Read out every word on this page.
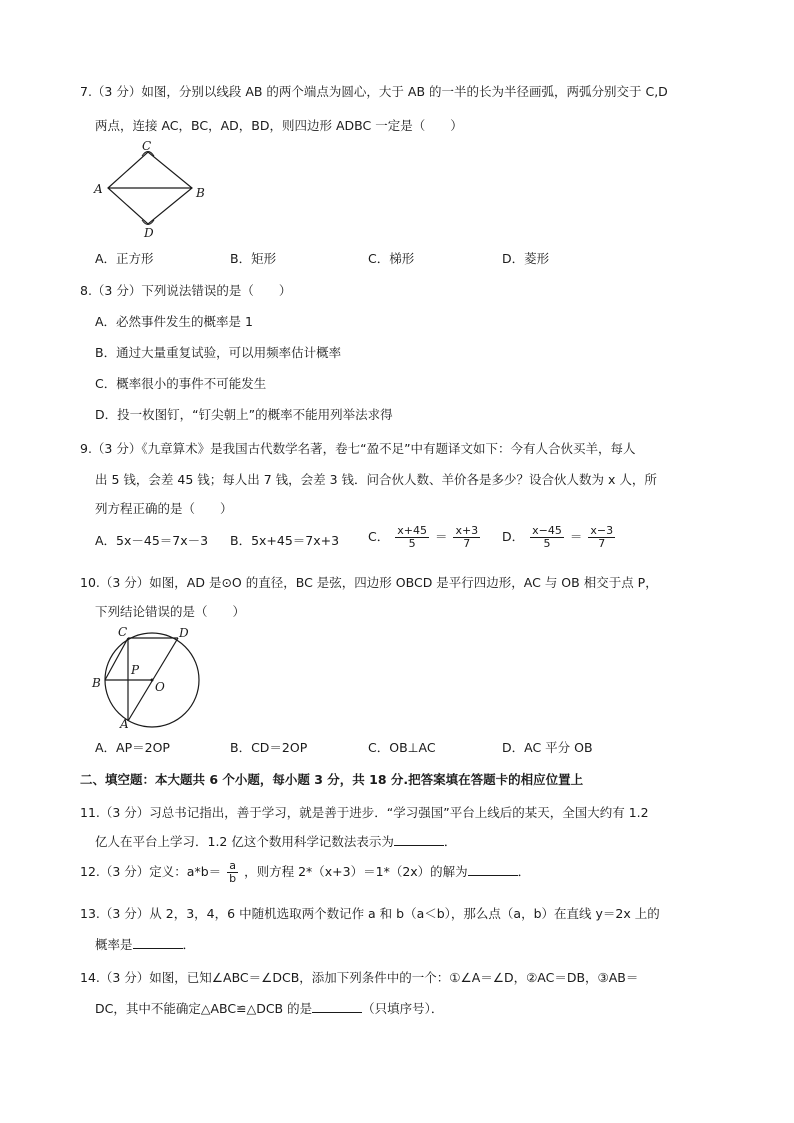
7.（3 分）如图，分别以线段 AB 的两个端点为圆心，大于 AB 的一半的长为半径画弧，两弧分别交于 C,D
两点，连接 AC，BC，AD，BD，则四边形 ADBC 一定是（　　）
C
A	B
D
A．正方形	B．矩形	C．梯形	D．菱形
8.（3 分）下列说法错误的是（　　）
A．必然事件发生的概率是 1
B．通过大量重复试验，可以用频率估计概率
C．概率很小的事件不可能发生
D．投一枚图钉，“钉尖朝上”的概率不能用列举法求得
9.（3 分）《九章算术》是我国古代数学名著，卷七“盈不足”中有题译文如下：今有人合伙买羊，每人
出 5 钱，会差 45 钱；每人出 7 钱，会差 3 钱．问合伙人数、羊价各是多少？设合伙人数为 x 人，所
列方程正确的是（　　）
A．5x－45＝7x－3 B．5x+45＝7x+3 C． $\frac{x+45}{5} = \frac{x+3}{7}$ D． $\frac{x-45}{5} = \frac{x-3}{7}$
10.（3 分）如图，AD 是⊙O 的直径，BC 是弦，四边形 OBCD 是平行四边形，AC 与 OB 相交于点 P，
下列结论错误的是（　　）
C	D
P
B	O
A
A．AP＝2OP	B．CD＝2OP	C．OB⊥AC	D．AC 平分 OB
二、填空题：本大题共 6 个小题，每小题 3 分，共 18 分.把答案填在答题卡的相应位置上
11.（3 分）习总书记指出，善于学习，就是善于进步．“学习强国”平台上线后的某天，全国大约有 1.2
亿人在平台上学习．1.2 亿这个数用科学记数法表示为	．
12.（3 分）定义：$a*b= \frac{a}{b}$ ，则方程 2*（x+3）＝1*（2x）的解为	．
13.（3 分）从 2，3，4，6 中随机选取两个数记作 a 和 b（a＜b），那么点（a，b）在直线 y＝2x 上的
概率是	．
14.（3 分）如图，已知∠ABC＝∠DCB，添加下列条件中的一个：①∠A＝∠D，②AC＝DB，③AB＝
DC，其中不能确定△ABC≌△DCB 的是	（只填序号）．
